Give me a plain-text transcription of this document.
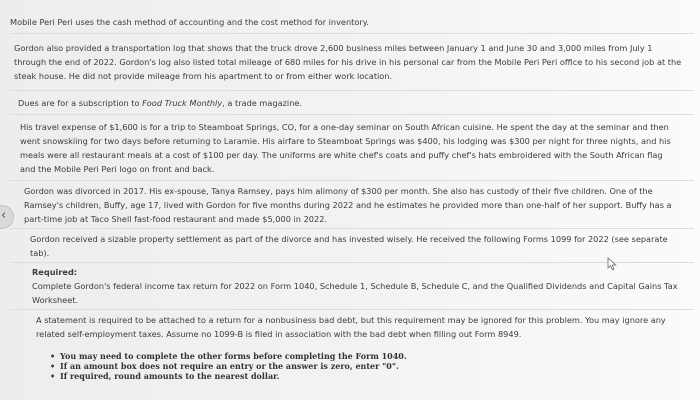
Mobile Peri Peri uses the cash method of accounting and the cost method for inventory.

Gordon also provided a transportation log that shows that the truck drove 2,600 business miles between January 1 and June 30 and 3,000 miles from July 1 through the end of 2022. Gordon's log also listed total mileage of 680 miles for his drive in his personal car from the Mobile Peri Peri office to his second job at the steak house. He did not provide mileage from his apartment to or from either work location.

Dues are for a subscription to Food Truck Monthly, a trade magazine.

His travel expense of $1,600 is for a trip to Steamboat Springs, CO, for a one-day seminar on South African cuisine. He spent the day at the seminar and then went snowskiing for two days before returning to Laramie. His airfare to Steamboat Springs was $400, his lodging was $300 per night for three nights, and his meals were all restaurant meals at a cost of $100 per day. The uniforms are white chef's coats and puffy chef's hats embroidered with the South African flag and the Mobile Peri Peri logo on front and back.

Gordon was divorced in 2017. His ex-spouse, Tanya Ramsey, pays him alimony of $300 per month. She also has custody of their five children. One of the Ramsey's children, Buffy, age 17, lived with Gordon for five months during 2022 and he estimates he provided more than one-half of her support. Buffy has a part-time job at Taco Shell fast-food restaurant and made $5,000 in 2022.

Gordon received a sizable property settlement as part of the divorce and has invested wisely. He received the following Forms 1099 for 2022 (see separate tab).

Required:

Complete Gordon's federal income tax return for 2022 on Form 1040, Schedule 1, Schedule B, Schedule C, and the Qualified Dividends and Capital Gains Tax Worksheet.

A statement is required to be attached to a return for a nonbusiness bad debt, but this requirement may be ignored for this problem. You may ignore any related self-employment taxes. Assume no 1099-B is filed in association with the bad debt when filling out Form 8949.

• You may need to complete the other forms before completing the Form 1040.
• If an amount box does not require an entry or the answer is zero, enter "0".
• If required, round amounts to the nearest dollar.
‹
